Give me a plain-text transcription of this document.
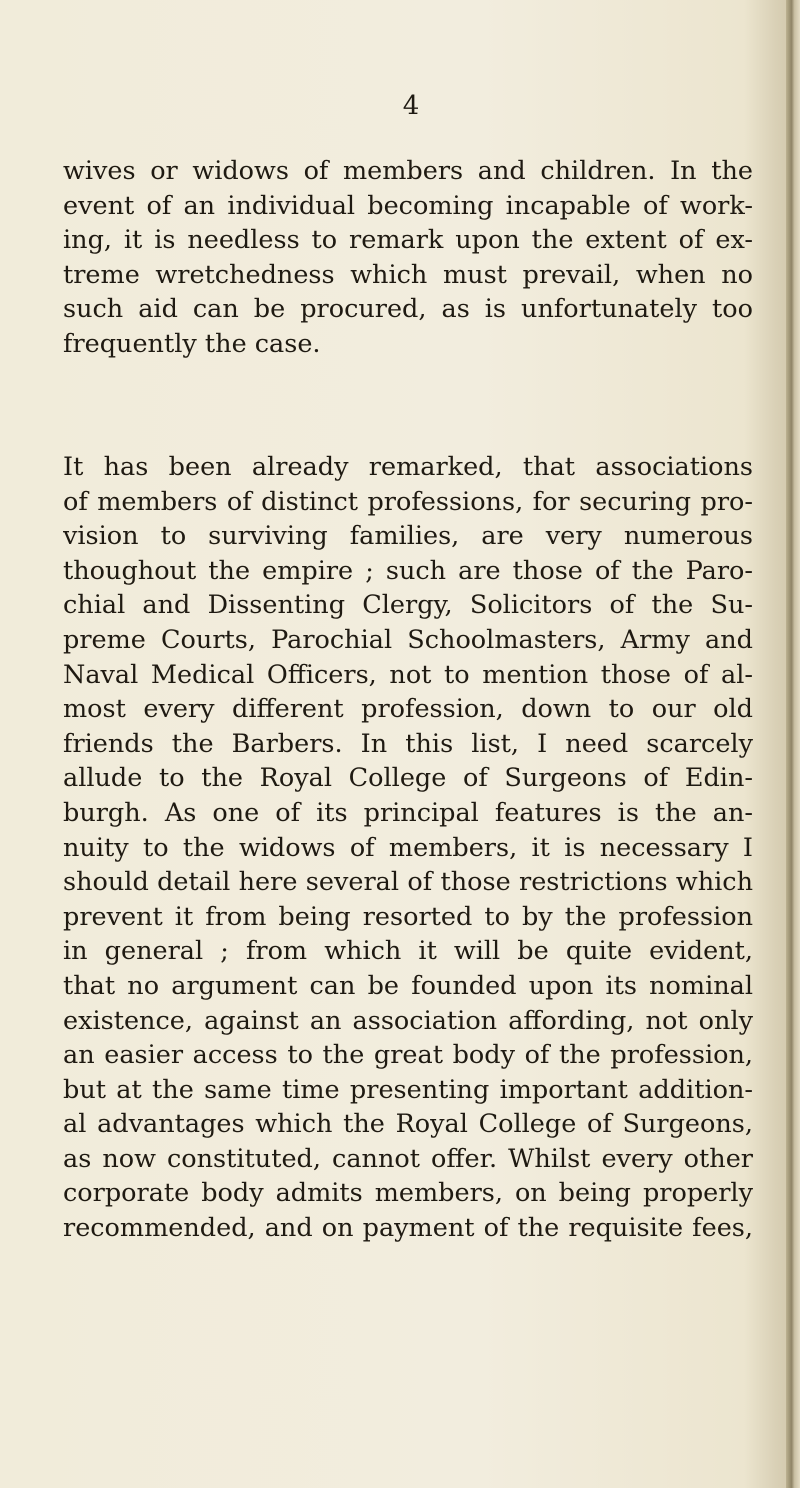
4
wives or widows of members and children. In the
event of an individual becoming incapable of work-
ing, it is needless to remark upon the extent of ex-
treme wretchedness which must prevail, when no
such aid can be procured, as is unfortunately too
frequently the case.
It has been already remarked, that associations
of members of distinct professions, for securing pro-
vision to surviving families, are very numerous
thoughout the empire ; such are those of the Paro-
chial and Dissenting Clergy, Solicitors of the Su-
preme Courts, Parochial Schoolmasters, Army and
Naval Medical Officers, not to mention those of al-
most every different profession, down to our old
friends the Barbers. In this list, I need scarcely
allude to the Royal College of Surgeons of Edin-
burgh. As one of its principal features is the an-
nuity to the widows of members, it is necessary I
should detail here several of those restrictions which
prevent it from being resorted to by the profession
in general ; from which it will be quite evident,
that no argument can be founded upon its nominal
existence, against an association affording, not only
an easier access to the great body of the profession,
but at the same time presenting important addition-
al advantages which the Royal College of Surgeons,
as now constituted, cannot offer. Whilst every other
corporate body admits members, on being properly
recommended, and on payment of the requisite fees,
